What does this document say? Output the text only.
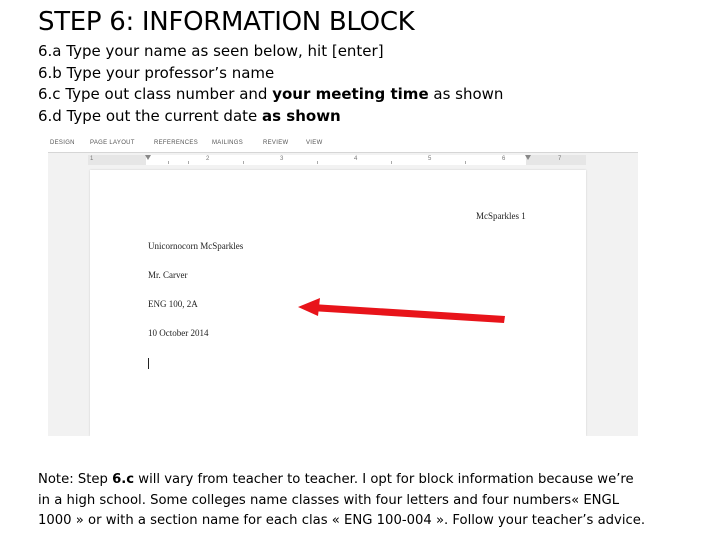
STEP 6: INFORMATION BLOCK
6.a Type your name as seen below, hit [enter]
6.b Type your professor’s name
6.c Type out class number and your meeting time as shown
6.d Type out the current date as shown
DESIGN	PAGE LAYOUT	REFERENCES MAILINGS	REVIEW	VIEW
1	2	3	4	5	6	7
McSparkles 1
Unicornocorn McSparkles
Mr. Carver
ENG 100, 2A
10 October 2014
Note: Step 6.c will vary from teacher to teacher. I opt for block information because we’re
in a high school. Some colleges name classes with four letters and four numbers« ENGL
1000 » or with a section name for each clas « ENG 100-004 ». Follow your teacher’s advice.
